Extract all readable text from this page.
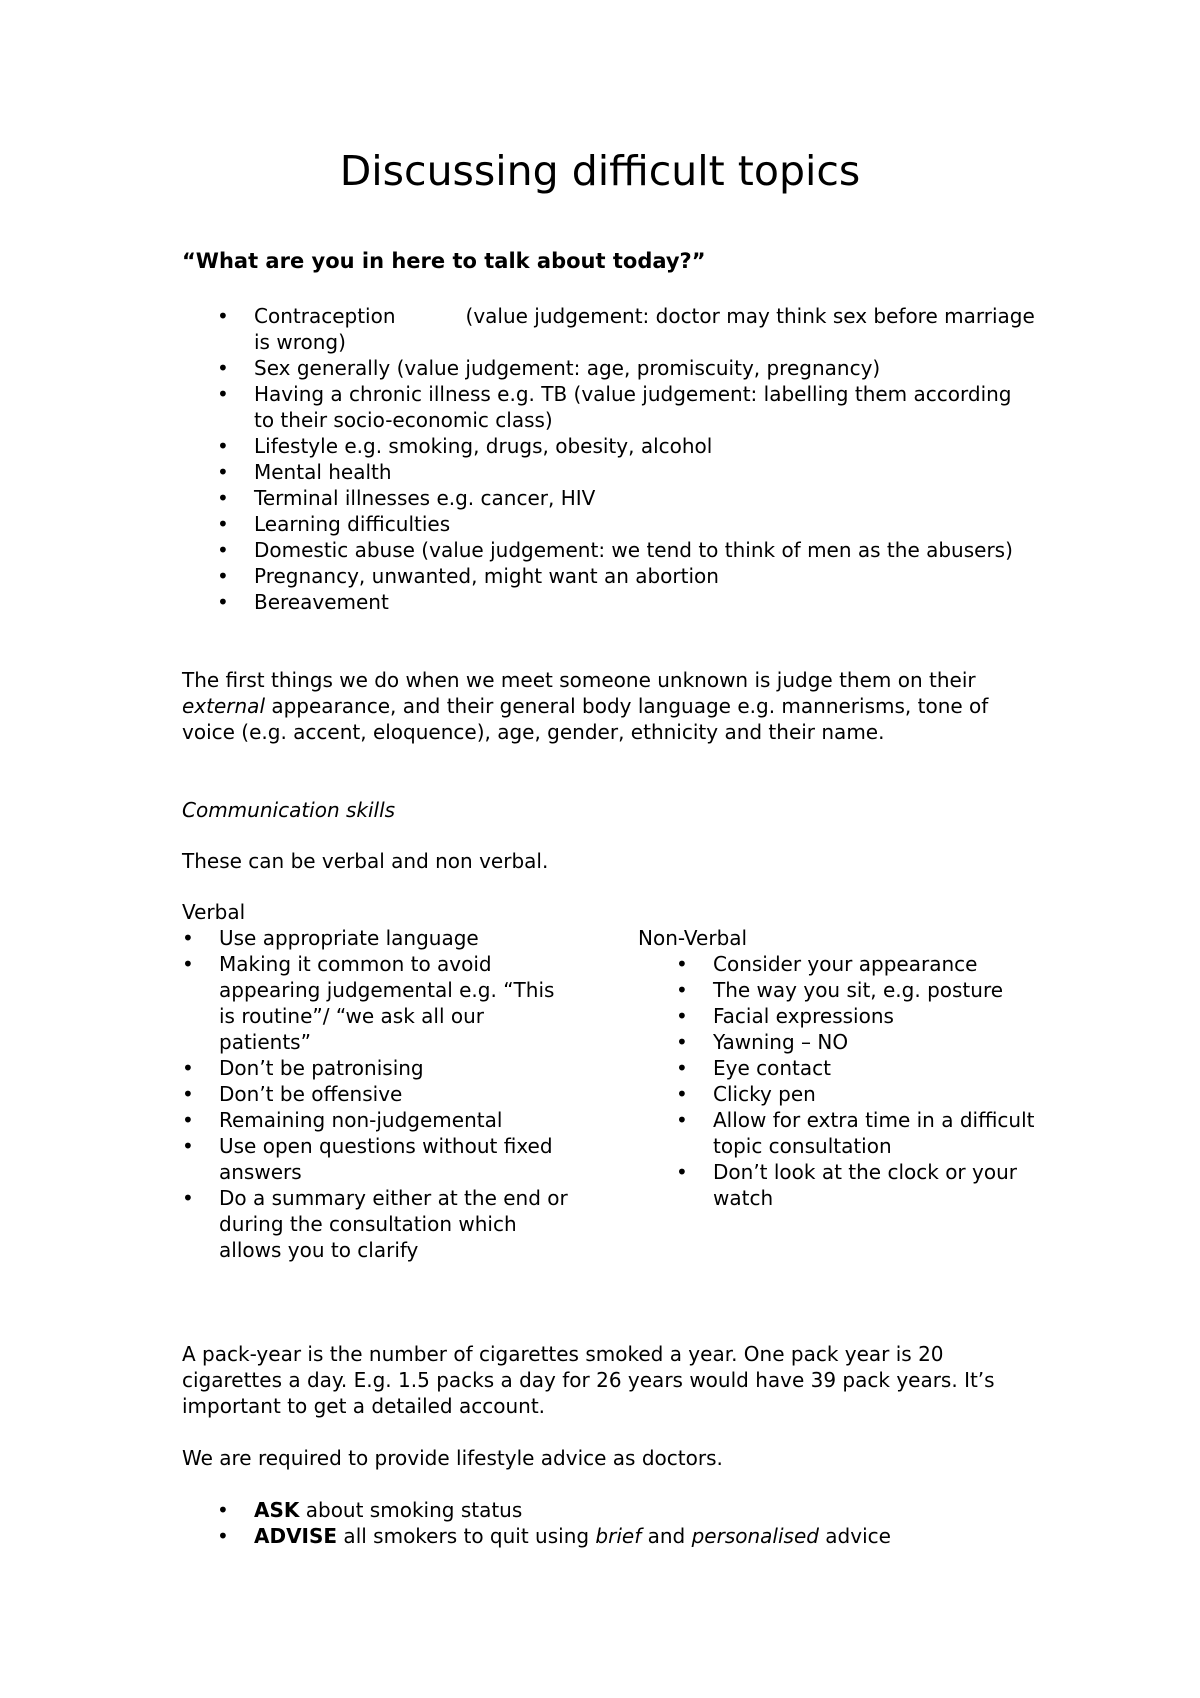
Discussing difficult topics
“What are you in here to talk about today?”
• Contraception	(value judgement: doctor may think sex before marriage is wrong)
• Sex generally (value judgement: age, promiscuity, pregnancy)
• Having a chronic illness e.g. TB (value judgement: labelling them according to their socio-economic class)
• Lifestyle e.g. smoking, drugs, obesity, alcohol
• Mental health
• Terminal illnesses e.g. cancer, HIV
• Learning difficulties
• Domestic abuse (value judgement: we tend to think of men as the abusers)
• Pregnancy, unwanted, might want an abortion
• Bereavement

The first things we do when we meet someone unknown is judge them on their external appearance, and their general body language e.g. mannerisms, tone of voice (e.g. accent, eloquence), age, gender, ethnicity and their name.

Communication skills

These can be verbal and non verbal.

Verbal
• Use appropriate language
• Making it common to avoid appearing judgemental e.g. “This is routine”/ “we ask all our patients”
• Don’t be patronising
• Don’t be offensive
• Remaining non-judgemental
• Use open questions without fixed answers
• Do a summary either at the end or during the consultation which allows you to clarify
Non-Verbal
• Consider your appearance
• The way you sit, e.g. posture
• Facial expressions
• Yawning – NO
• Eye contact
• Clicky pen
• Allow for extra time in a difficult topic consultation
• Don’t look at the clock or your watch

A pack-year is the number of cigarettes smoked a year. One pack year is 20 cigarettes a day. E.g. 1.5 packs a day for 26 years would have 39 pack years. It’s important to get a detailed account.

We are required to provide lifestyle advice as doctors.

• ASK about smoking status
• ADVISE all smokers to quit using brief and personalised advice
